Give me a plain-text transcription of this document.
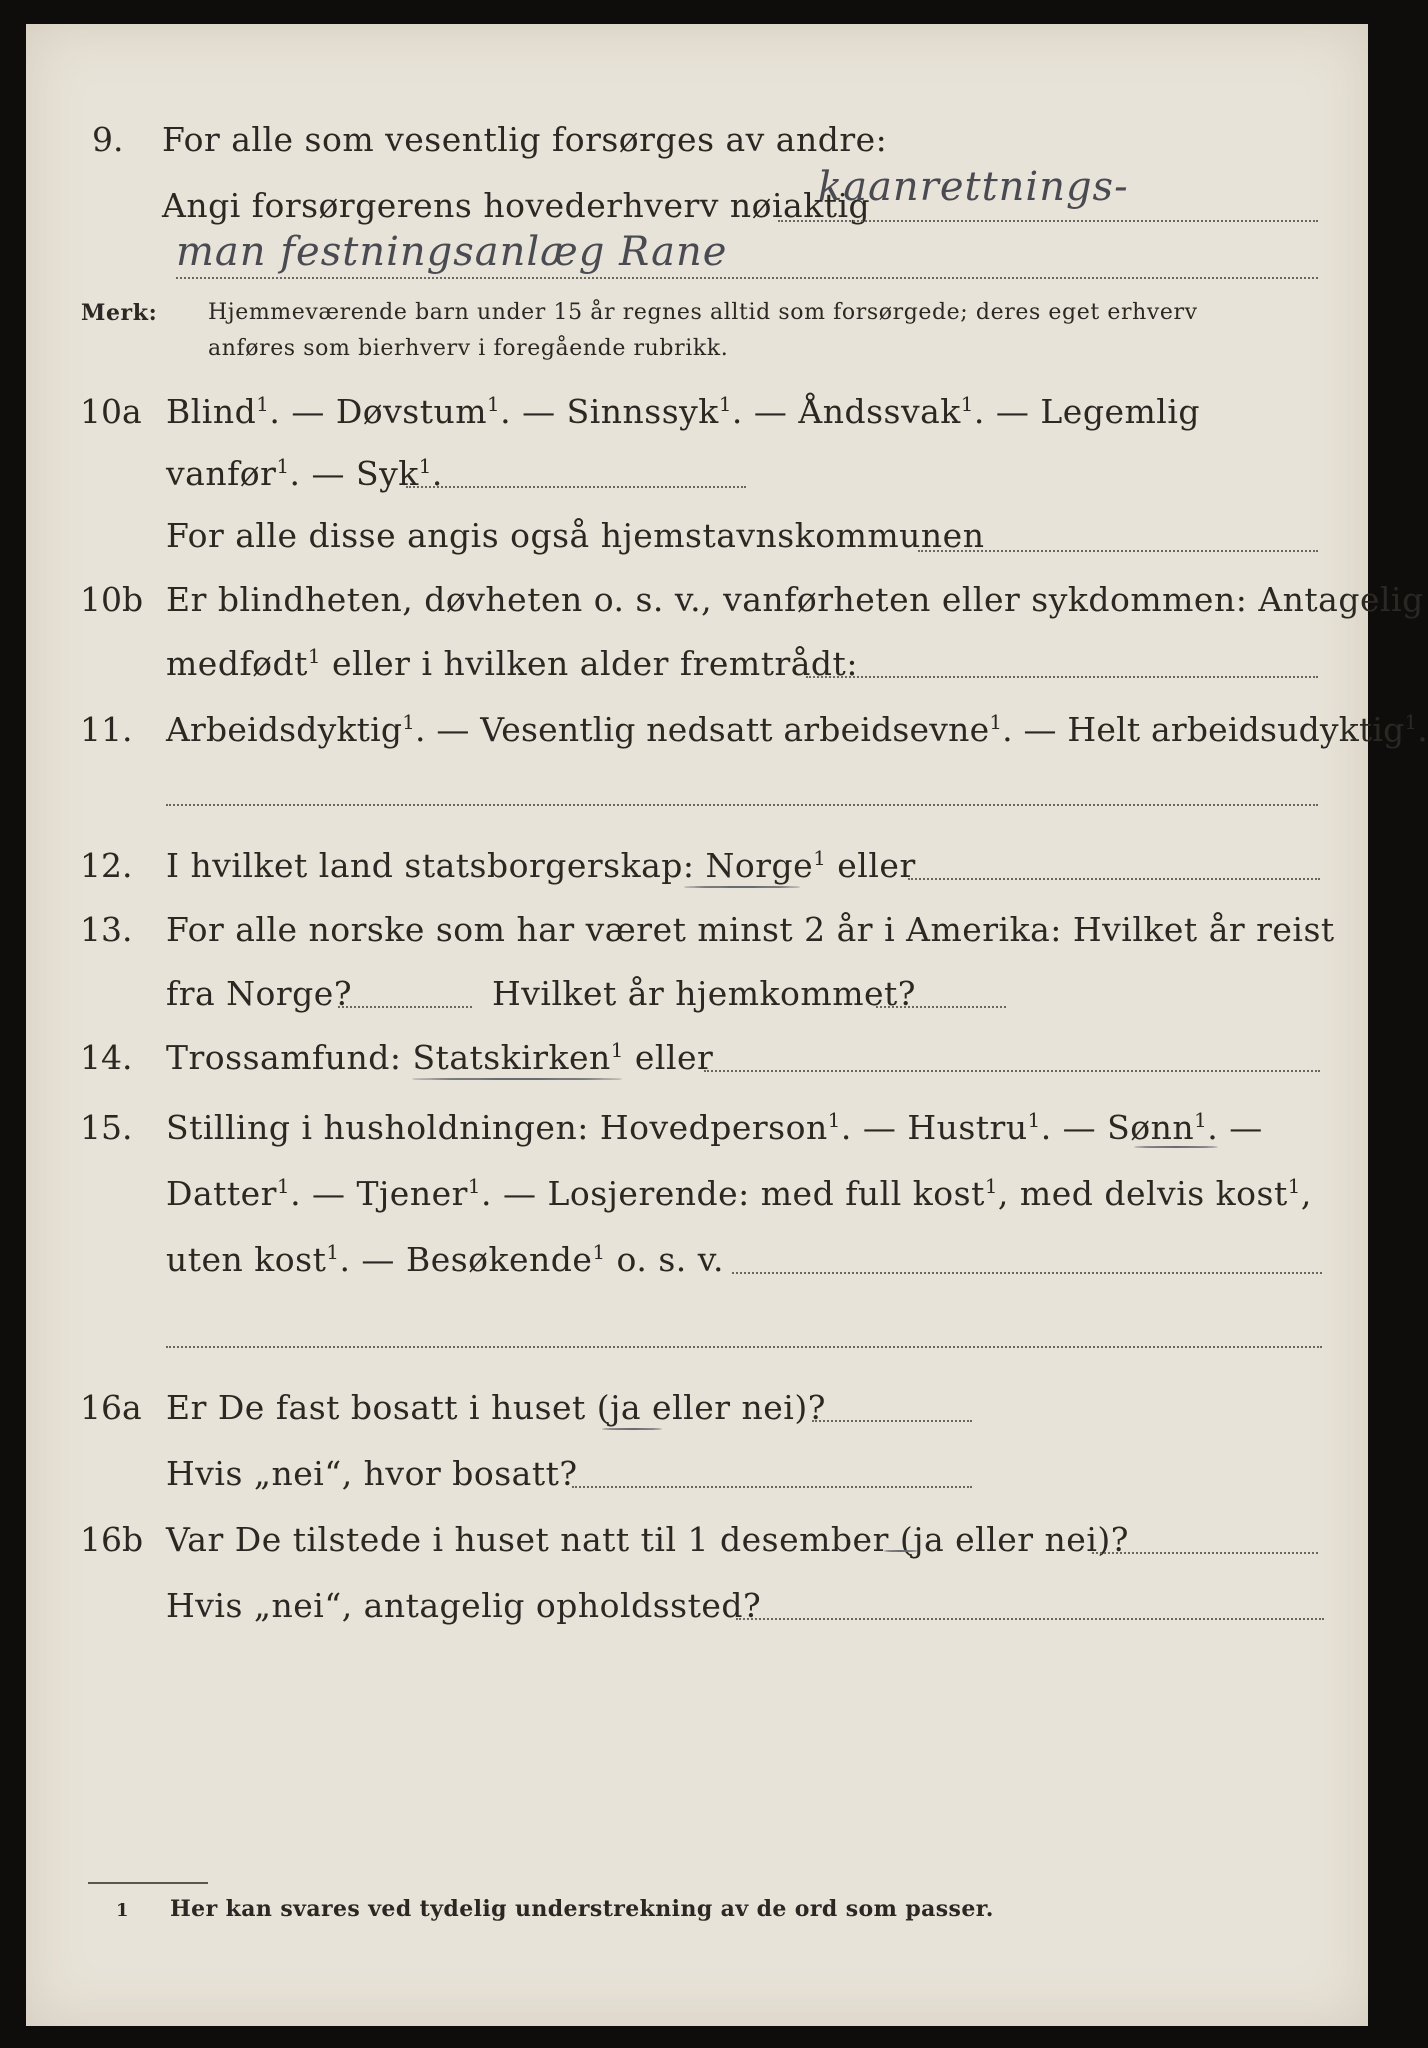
9. For alle som vesentlig forsørges av andre:
Angi forsørgerens hovederhverv nøiaktig
kaanrettnings-
man festningsanlæg Rane
Merk: Hjemmeværende barn under 15 år regnes alltid som forsørgede; deres eget erhverv
anføres som bierhverv i foregående rubrikk.
10a Blind$^1$. — Døvstum$^1$. — Sinnssyk$^1$. — Åndssvak$^1$. — Legemlig
vanfør$^1$. — Syk$^1$.
For alle disse angis også hjemstavnskommunen
10b Er blindheten, døvheten o. s. v., vanførheten eller sykdommen: Antagelig
medfødt$^1$ eller i hvilken alder fremtrådt:
11. Arbeidsdyktig$^1$. — Vesentlig nedsatt arbeidsevne$^1$. — Helt arbeidsudyktig$^1$.
12. I hvilket land statsborgerskap: Norge$^1$ eller
13. For alle norske som har været minst 2 år i Amerika: Hvilket år reist
fra Norge?	Hvilket år hjemkommet?
14. Trossamfund: Statskirken$^1$ eller
15. Stilling i husholdningen: Hovedperson$^1$. — Hustru$^1$. — Sønn$^1$. —
Datter$^1$. — Tjener$^1$. — Losjerende: med full kost$^1$, med delvis kost$^1$,
uten kost$^1$. — Besøkende$^1$ o. s. v.
16a Er De fast bosatt i huset (ja eller nei)?
Hvis „nei“, hvor bosatt?
16b Var De tilstede i huset natt til 1 desember (ja eller nei)?
Hvis „nei“, antagelig opholdssted?
1 Her kan svares ved tydelig understrekning av de ord som passer.
